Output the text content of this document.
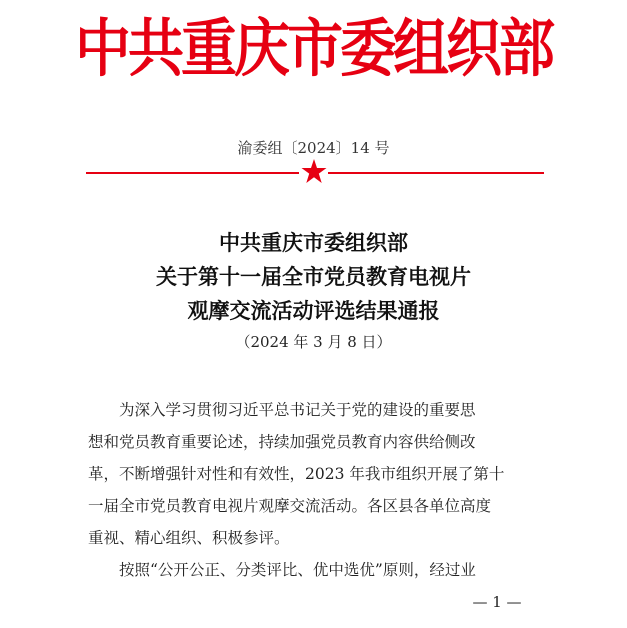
中共重庆市委组织部
渝委组〔2024〕14 号
中共重庆市委组织部
关于第十一届全市党员教育电视片
观摩交流活动评选结果通报
（2024 年 3 月 8 日）
为深入学习贯彻习近平总书记关于党的建设的重要思
想和党员教育重要论述，持续加强党员教育内容供给侧改
革，不断增强针对性和有效性，2023 年我市组织开展了第十
一届全市党员教育电视片观摩交流活动。各区县各单位高度
重视、精心组织、积极参评。
按照“公开公正、分类评比、优中选优”原则，经过业
— 1 —
